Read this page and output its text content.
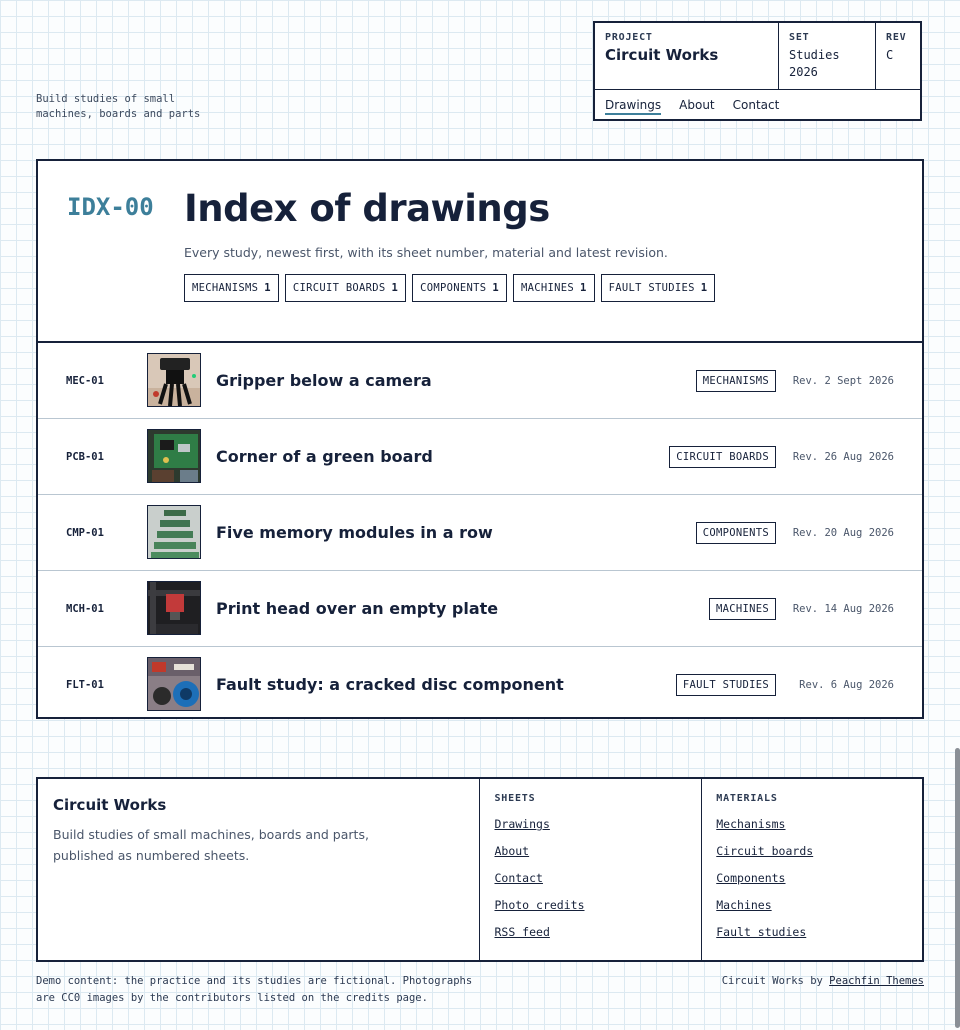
Build studies of small machines, boards and parts
PROJECT
Circuit Works
SET
Studies
2026
REV
C
Drawings About Contact
IDX-00 Index of drawings
Every study, newest first, with its sheet number, material and latest revision.
MECHANISMS 1 CIRCUIT BOARDS 1 COMPONENTS 1 MACHINES 1 FAULT STUDIES 1
MEC-01	Gripper below a camera	MECHANISMS	Rev. 2 Sept 2026
PCB-01	Corner of a green board	CIRCUIT BOARDS	Rev. 26 Aug 2026
CMP-01	Five memory modules in a row	COMPONENTS	Rev. 20 Aug 2026
MCH-01	Print head over an empty plate	MACHINES	Rev. 14 Aug 2026
FLT-01	Fault study: a cracked disc component	FAULT STUDIES	Rev. 6 Aug 2026
Circuit Works
Build studies of small machines, boards and parts, published as numbered sheets.
SHEETS
Drawings
About
Contact
Photo credits
RSS feed
MATERIALS
Mechanisms
Circuit boards
Components
Machines
Fault studies
Demo content: the practice and its studies are fictional. Photographs are CC0 images by the contributors listed on the credits page.
Circuit Works by Peachfin Themes
